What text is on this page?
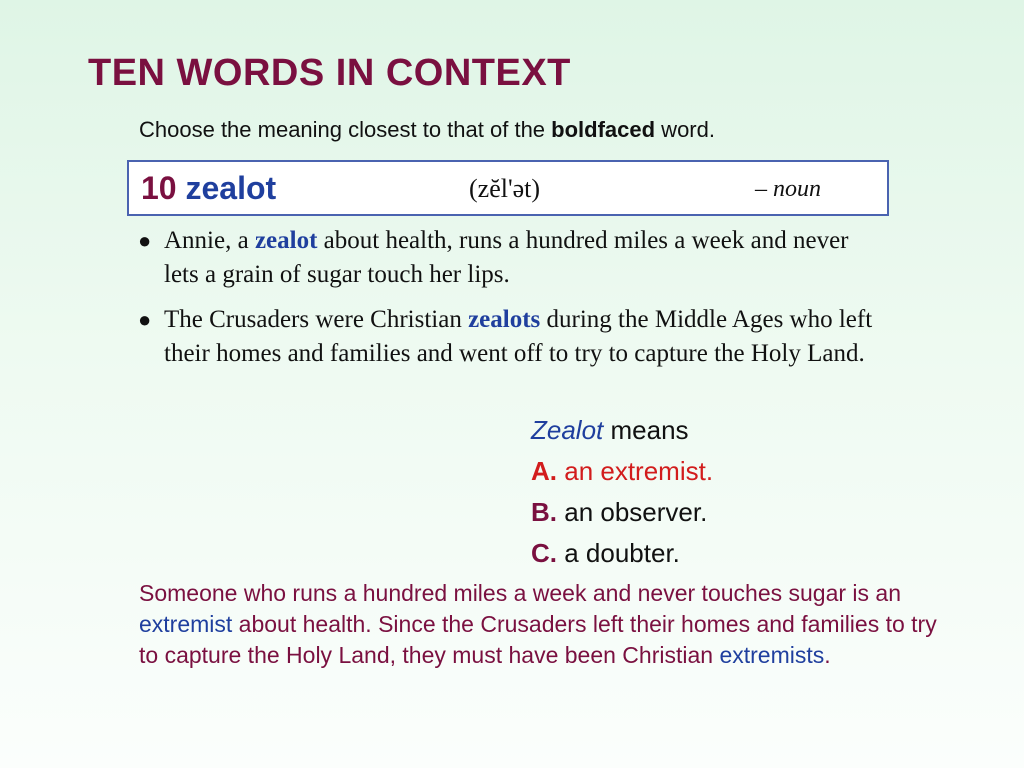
TEN WORDS IN CONTEXT
Choose the meaning closest to that of the boldfaced word.
10 zealot	(zĕl'ət)	– noun
● Annie, a zealot about health, runs a hundred miles a week and never lets a grain of sugar touch her lips.
● The Crusaders were Christian zealots during the Middle Ages who left their homes and families and went off to try to capture the Holy Land.
Zealot means
A. an extremist.
B. an observer.
C. a doubter.
Someone who runs a hundred miles a week and never touches sugar is an extremist about health. Since the Crusaders left their homes and families to try to capture the Holy Land, they must have been Christian extremists.
